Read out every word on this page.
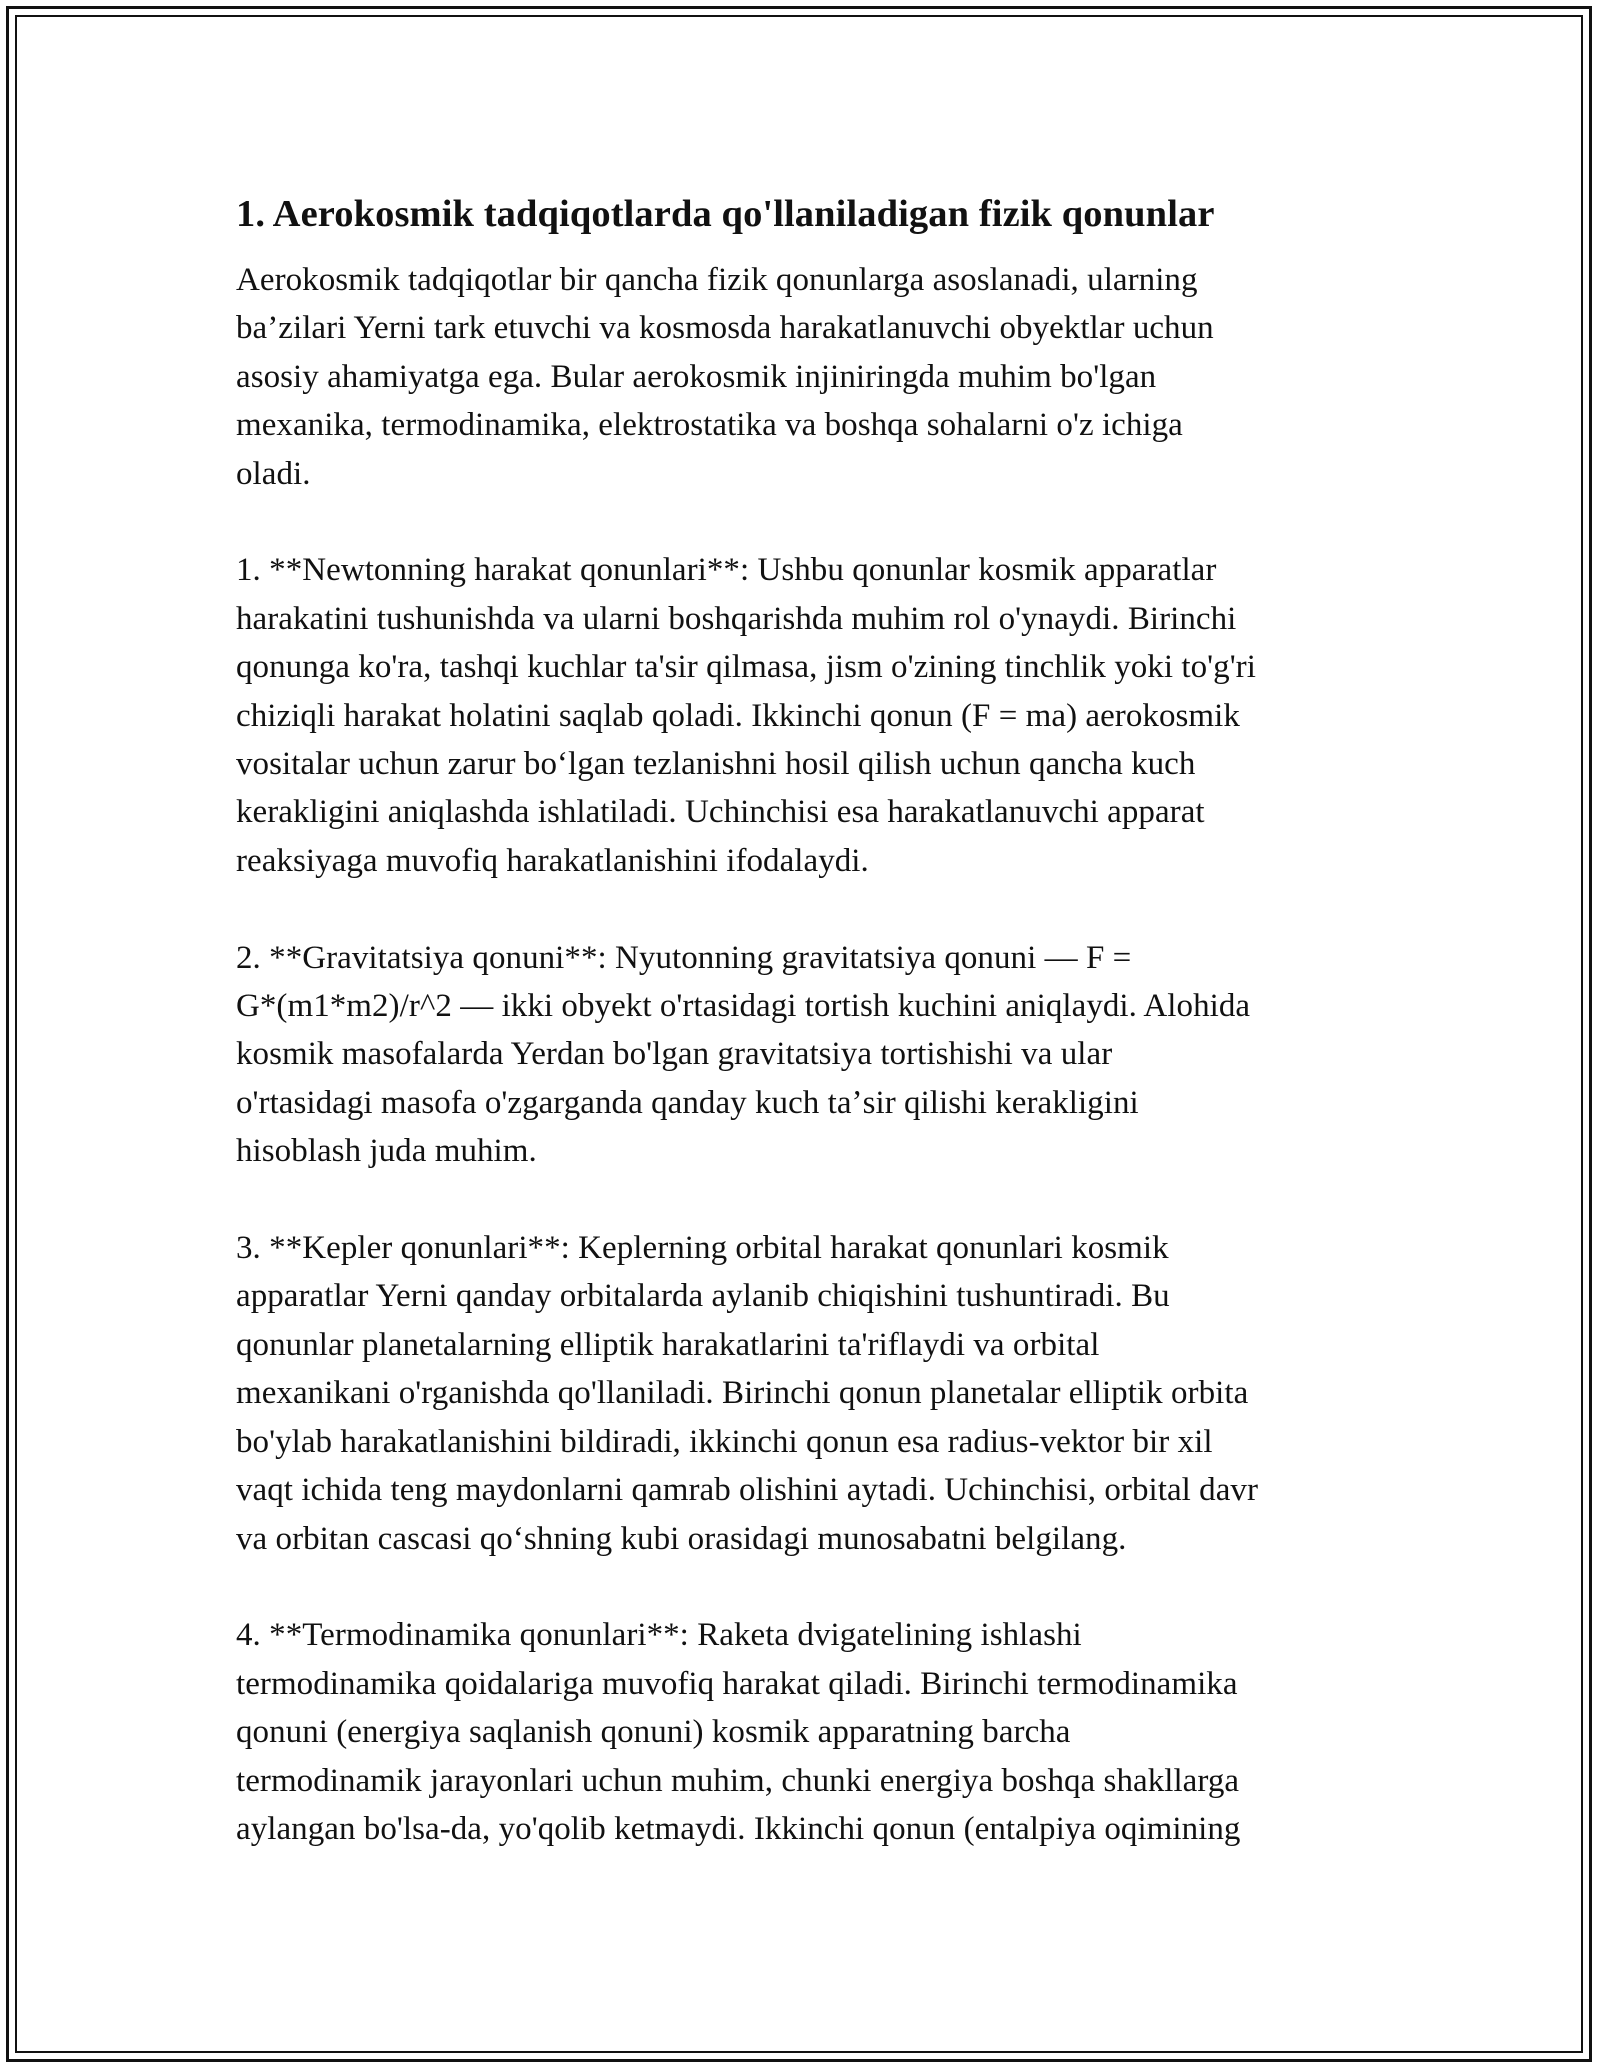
1. Aerokosmik tadqiqotlarda qo'llaniladigan fizik qonunlar

Aerokosmik tadqiqotlar bir qancha fizik qonunlarga asoslanadi, ularning
ba’zilari Yerni tark etuvchi va kosmosda harakatlanuvchi obyektlar uchun
asosiy ahamiyatga ega. Bular aerokosmik injiniringda muhim bo'lgan
mexanika, termodinamika, elektrostatika va boshqa sohalarni o'z ichiga
oladi.

1. **Newtonning harakat qonunlari**: Ushbu qonunlar kosmik apparatlar
harakatini tushunishda va ularni boshqarishda muhim rol o'ynaydi. Birinchi
qonunga ko'ra, tashqi kuchlar ta'sir qilmasa, jism o'zining tinchlik yoki to'g'ri
chiziqli harakat holatini saqlab qoladi. Ikkinchi qonun (F = ma) aerokosmik
vositalar uchun zarur bo‘lgan tezlanishni hosil qilish uchun qancha kuch
kerakligini aniqlashda ishlatiladi. Uchinchisi esa harakatlanuvchi apparat
reaksiyaga muvofiq harakatlanishini ifodalaydi.

2. **Gravitatsiya qonuni**: Nyutonning gravitatsiya qonuni — F =
G*(m1*m2)/r^2 — ikki obyekt o'rtasidagi tortish kuchini aniqlaydi. Alohida
kosmik masofalarda Yerdan bo'lgan gravitatsiya tortishishi va ular
o'rtasidagi masofa o'zgarganda qanday kuch taʼsir qilishi kerakligini
hisoblash juda muhim.

3. **Kepler qonunlari**: Keplerning orbital harakat qonunlari kosmik
apparatlar Yerni qanday orbitalarda aylanib chiqishini tushuntiradi. Bu
qonunlar planetalarning elliptik harakatlarini ta'riflaydi va orbital
mexanikani o'rganishda qo'llaniladi. Birinchi qonun planetalar elliptik orbita
bo'ylab harakatlanishini bildiradi, ikkinchi qonun esa radius-vektor bir xil
vaqt ichida teng maydonlarni qamrab olishini aytadi. Uchinchisi, orbital davr
va orbitan cascasi qo‘shning kubi orasidagi munosabatni belgilang.

4. **Termodinamika qonunlari**: Raketa dvigatelining ishlashi
termodinamika qoidalariga muvofiq harakat qiladi. Birinchi termodinamika
qonuni (energiya saqlanish qonuni) kosmik apparatning barcha
termodinamik jarayonlari uchun muhim, chunki energiya boshqa shakllarga
aylangan bo'lsa-da, yo'qolib ketmaydi. Ikkinchi qonun (entalpiya oqimining
